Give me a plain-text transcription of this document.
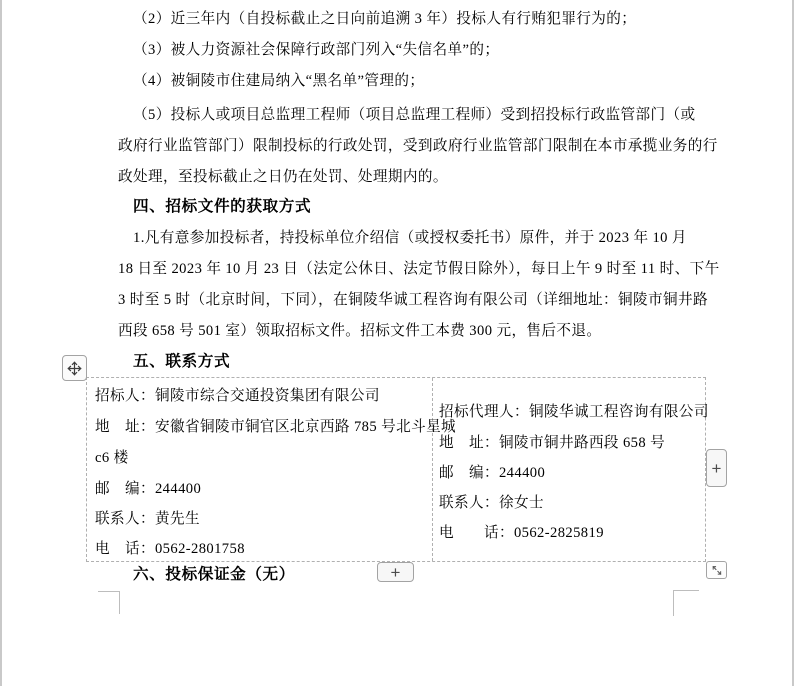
（2）近三年内（自投标截止之日向前追溯 3 年）投标人有行贿犯罪行为的；
（3）被人力资源社会保障行政部门列入“失信名单”的；
（4）被铜陵市住建局纳入“黑名单”管理的；
（5）投标人或项目总监理工程师（项目总监理工程师）受到招投标行政监管部门（或
政府行业监管部门）限制投标的行政处罚，受到政府行业监管部门限制在本市承揽业务的行
政处理，至投标截止之日仍在处罚、处理期内的。
四、招标文件的获取方式
1.凡有意参加投标者，持投标单位介绍信（或授权委托书）原件，并于 2023 年 10 月
18 日至 2023 年 10 月 23 日（法定公休日、法定节假日除外），每日上午 9 时至 11 时、下午
3 时至 5 时（北京时间，下同），在铜陵华诚工程咨询有限公司（详细地址：铜陵市铜井路
西段 658 号 501 室）领取招标文件。招标文件工本费 300 元，售后不退。
五、联系方式
六、投标保证金（无）
招标人：铜陵市综合交通投资集团有限公司
地　址：安徽省铜陵市铜官区北京西路 785 号北斗星城
c6 楼
邮　编：244400
联系人：黄先生
电　话：0562-2801758
招标代理人：铜陵华诚工程咨询有限公司
地　址：铜陵市铜井路西段 658 号
邮　编：244400
联系人：徐女士
电　　话：0562-2825819
+
+
